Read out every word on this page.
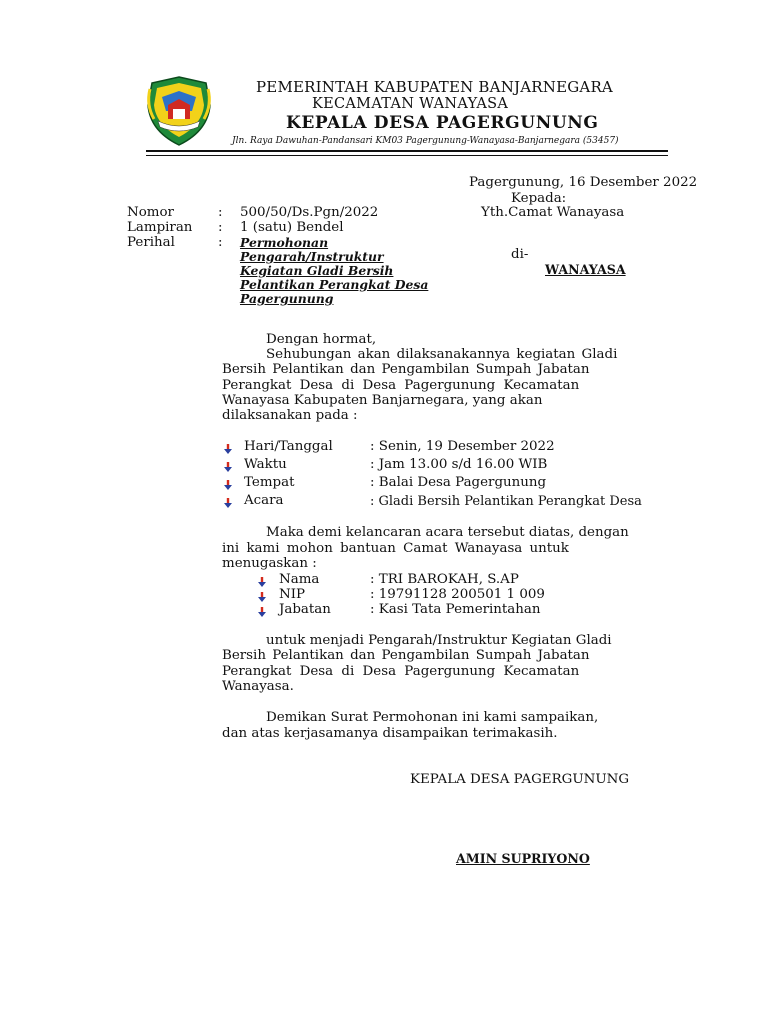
PEMERINTAH KABUPATEN BANJARNEGARA
KECAMATAN WANAYASA
KEPALA DESA PAGERGUNUNG
Jln. Raya Dawuhan-Pandansari KM03 Pagergunung-Wanayasa-Banjarnegara (53457)
Pagergunung, 16 Desember 2022
Kepada:
Yth.Camat Wanayasa
di-
WANAYASA
Nomor	: 500/50/Ds.Pgn/2022
Lampiran : 1 (satu) Bendel
Perihal	: Permohonan
Pengarah/Instruktur
Kegiatan Gladi Bersih
Pelantikan Perangkat Desa
Pagergunung
Dengan hormat,
Sehubungan akan dilaksanakannya kegiatan Gladi
Bersih Pelantikan dan Pengambilan Sumpah Jabatan
Perangkat Desa di Desa Pagergunung Kecamatan
Wanayasa Kabupaten Banjarnegara, yang akan
dilaksanakan pada :
Hari/Tanggal	: Senin, 19 Desember 2022
Waktu	: Jam 13.00 s/d 16.00 WIB
Tempat	: Balai Desa Pagergunung
Acara	: Gladi Bersih Pelantikan Perangkat Desa
Maka demi kelancaran acara tersebut diatas, dengan
ini kami mohon bantuan Camat Wanayasa untuk
menugaskan :
Nama	: TRI BAROKAH, S.AP
NIP	: 19791128 200501 1 009
Jabatan	: Kasi Tata Pemerintahan
untuk menjadi Pengarah/Instruktur Kegiatan Gladi
Bersih Pelantikan dan Pengambilan Sumpah Jabatan
Perangkat Desa di Desa Pagergunung Kecamatan
Wanayasa.
Demikan Surat Permohonan ini kami sampaikan,
dan atas kerjasamanya disampaikan terimakasih.
KEPALA DESA PAGERGUNUNG
AMIN SUPRIYONO
